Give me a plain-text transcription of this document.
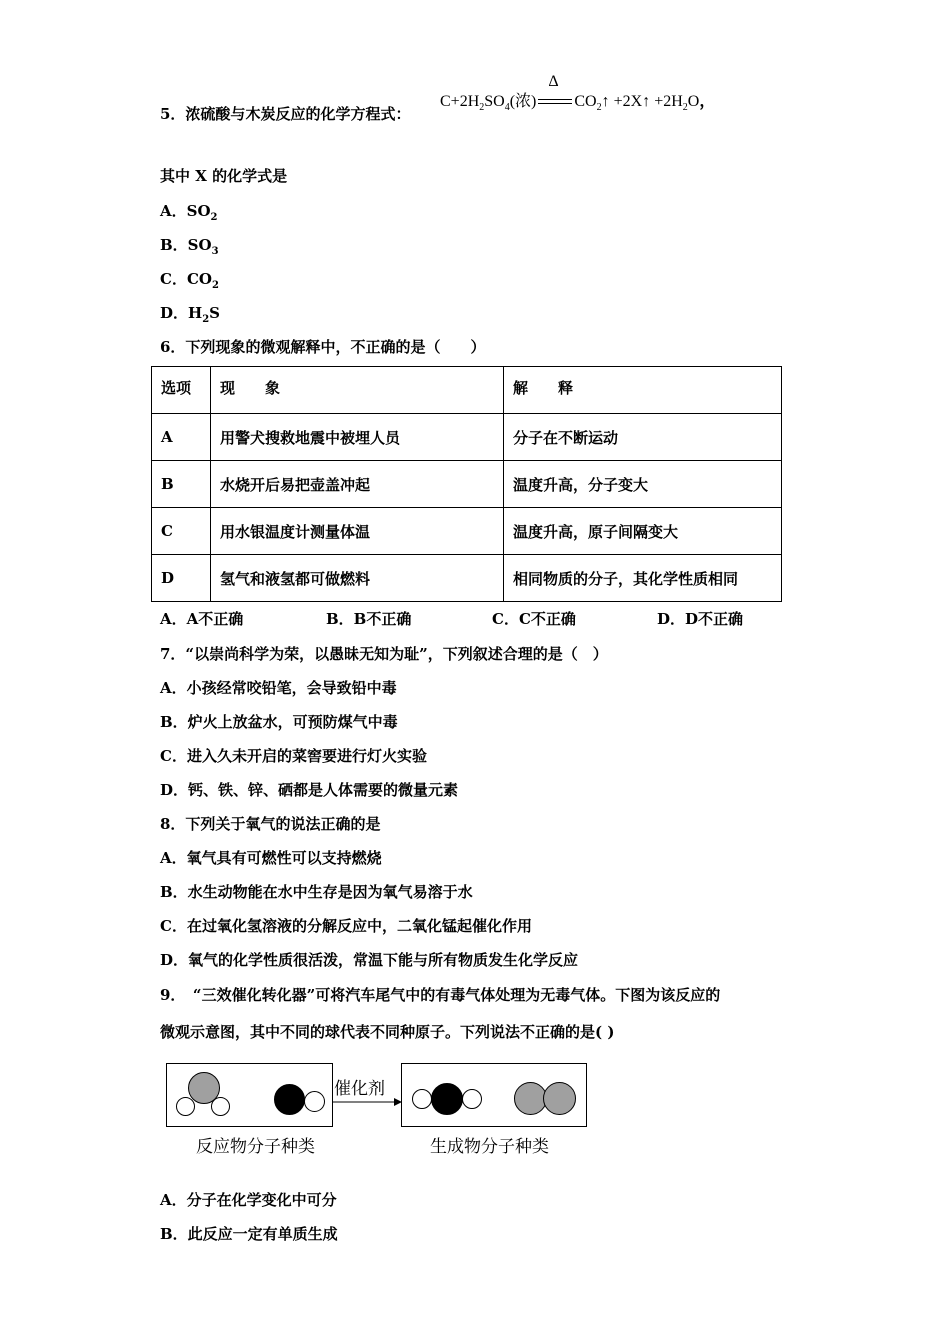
5．浓硫酸与木炭反应的化学方程式：
$C+2H_2SO_4$(浓)
Δ
$CO_2↑$ +2X↑ $+2H_2O$，
其中 X 的化学式是
A．$SO_2$
B．$SO_3$
C．$CO_2$
D．$H_2S$
6．下列现象的微观解释中，不正确的是（　　）
选项	现　　象	解　　释
A	用警犬搜救地震中被埋人员	分子在不断运动
B	水烧开后易把壶盖冲起	温度升高，分子变大
C	用水银温度计测量体温	温度升高，原子间隔变大
D	氢气和液氢都可做燃料	相同物质的分子，其化学性质相同
A．A不正确	B．B不正确	C．C不正确	D．D不正确
7．“以崇尚科学为荣，以愚昧无知为耻”，下列叙述合理的是（　）
A．小孩经常咬铅笔，会导致铅中毒
B．炉火上放盆水，可预防煤气中毒
C．进入久未开启的菜窖要进行灯火实验
D．钙、铁、锌、硒都是人体需要的微量元素
8．下列关于氧气的说法正确的是
A．氧气具有可燃性可以支持燃烧
B．水生动物能在水中生存是因为氧气易溶于水
C．在过氧化氢溶液的分解反应中，二氧化锰起催化作用
D．氧气的化学性质很活泼，常温下能与所有物质发生化学反应
9．　“三效催化转化器”可将汽车尾气中的有毒气体处理为无毒气体。下图为该反应的
微观示意图，其中不同的球代表不同种原子。下列说法不正确的是( )
催化剂
反应物分子种类	生成物分子种类
A．分子在化学变化中可分
B．此反应一定有单质生成
